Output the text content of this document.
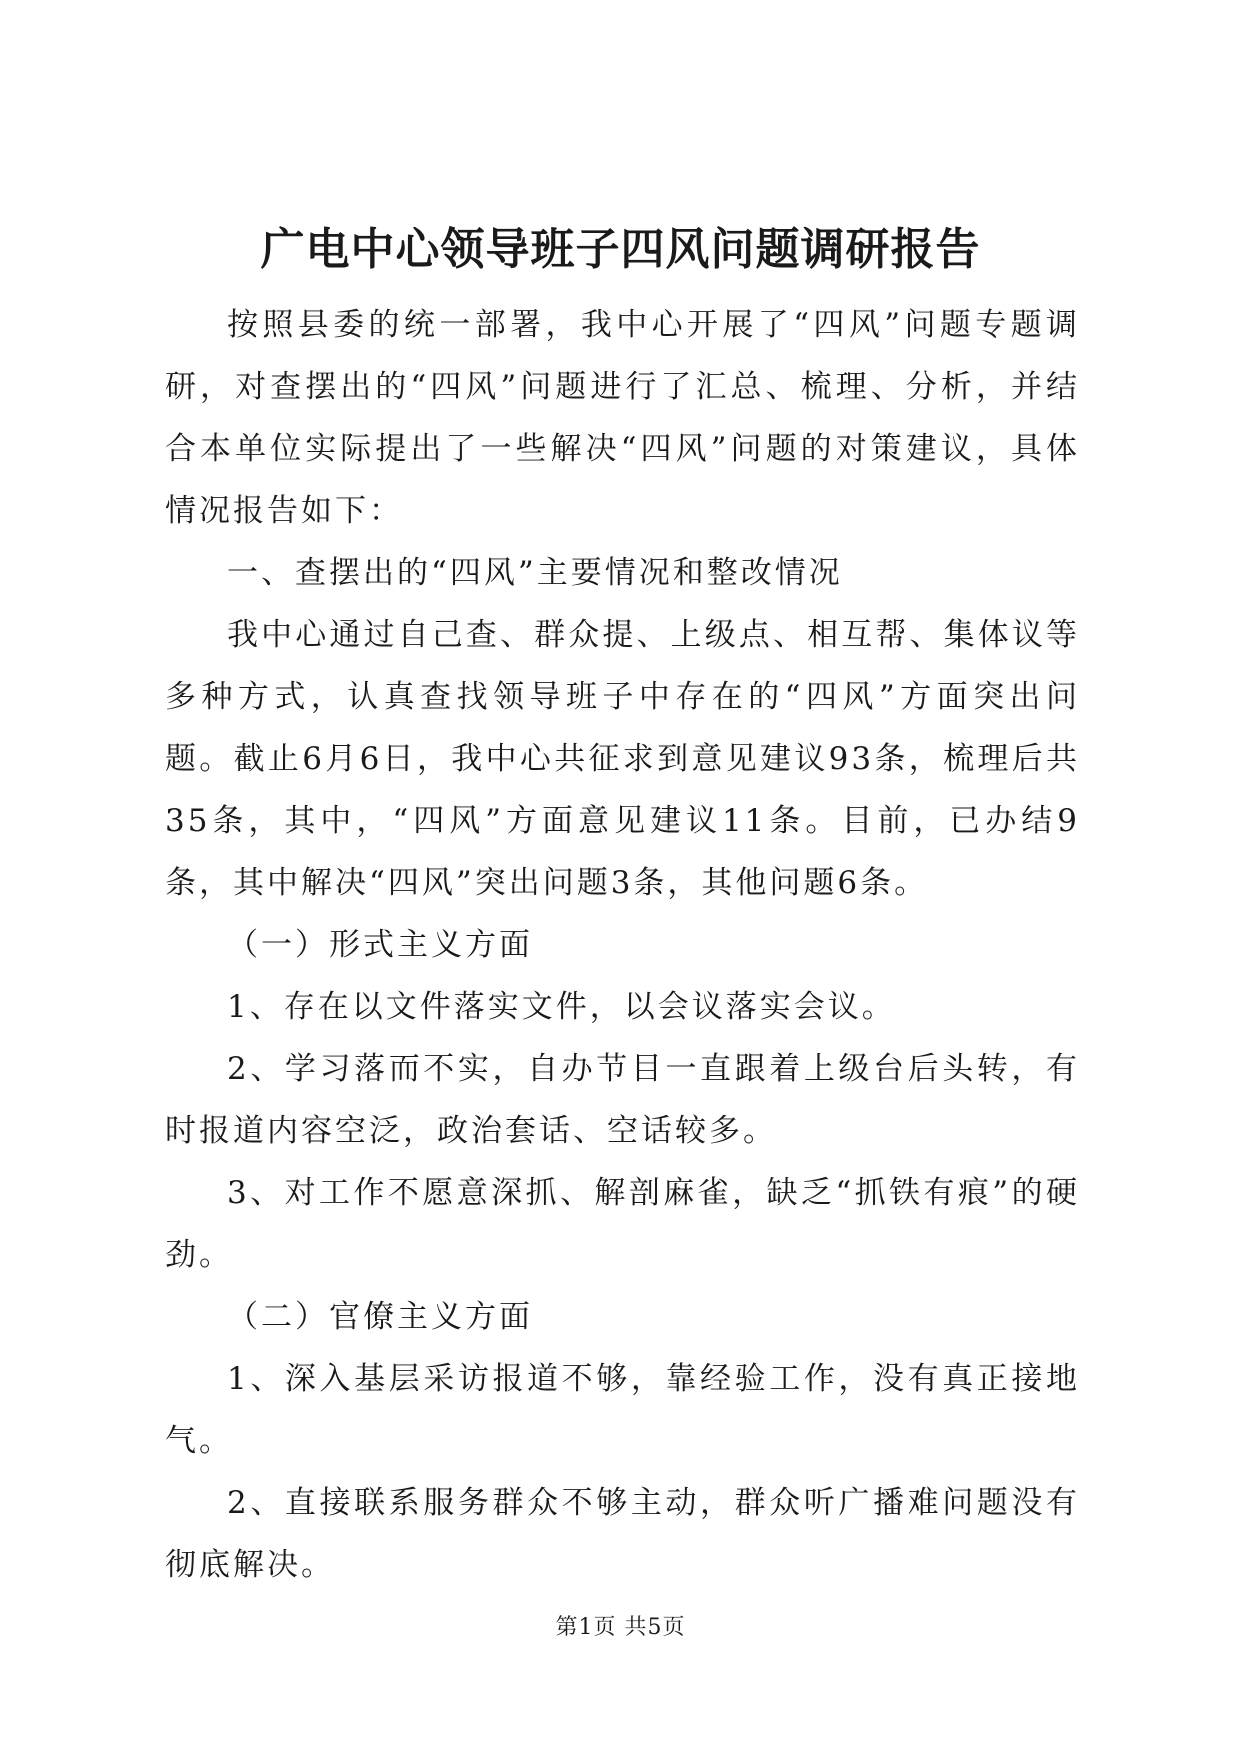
广电中心领导班子四风问题调研报告

按照县委的统一部署，我中心开展了“四风”问题专题调研，对查摆出的“四风”问题进行了汇总、梳理、分析，并结合本单位实际提出了一些解决“四风”问题的对策建议，具体情况报告如下：

一、查摆出的“四风”主要情况和整改情况

我中心通过自己查、群众提、上级点、相互帮、集体议等多种方式，认真查找领导班子中存在的“四风”方面突出问题。截止6月6日，我中心共征求到意见建议93条，梳理后共35条，其中，“四风”方面意见建议11条。目前，已办结9条，其中解决“四风”突出问题3条，其他问题6条。

（一）形式主义方面

1、存在以文件落实文件，以会议落实会议。

2、学习落而不实，自办节目一直跟着上级台后头转，有时报道内容空泛，政治套话、空话较多。

3、对工作不愿意深抓、解剖麻雀，缺乏“抓铁有痕”的硬劲。

（二）官僚主义方面

1、深入基层采访报道不够，靠经验工作，没有真正接地气。

2、直接联系服务群众不够主动，群众听广播难问题没有彻底解决。

第1页 共5页
